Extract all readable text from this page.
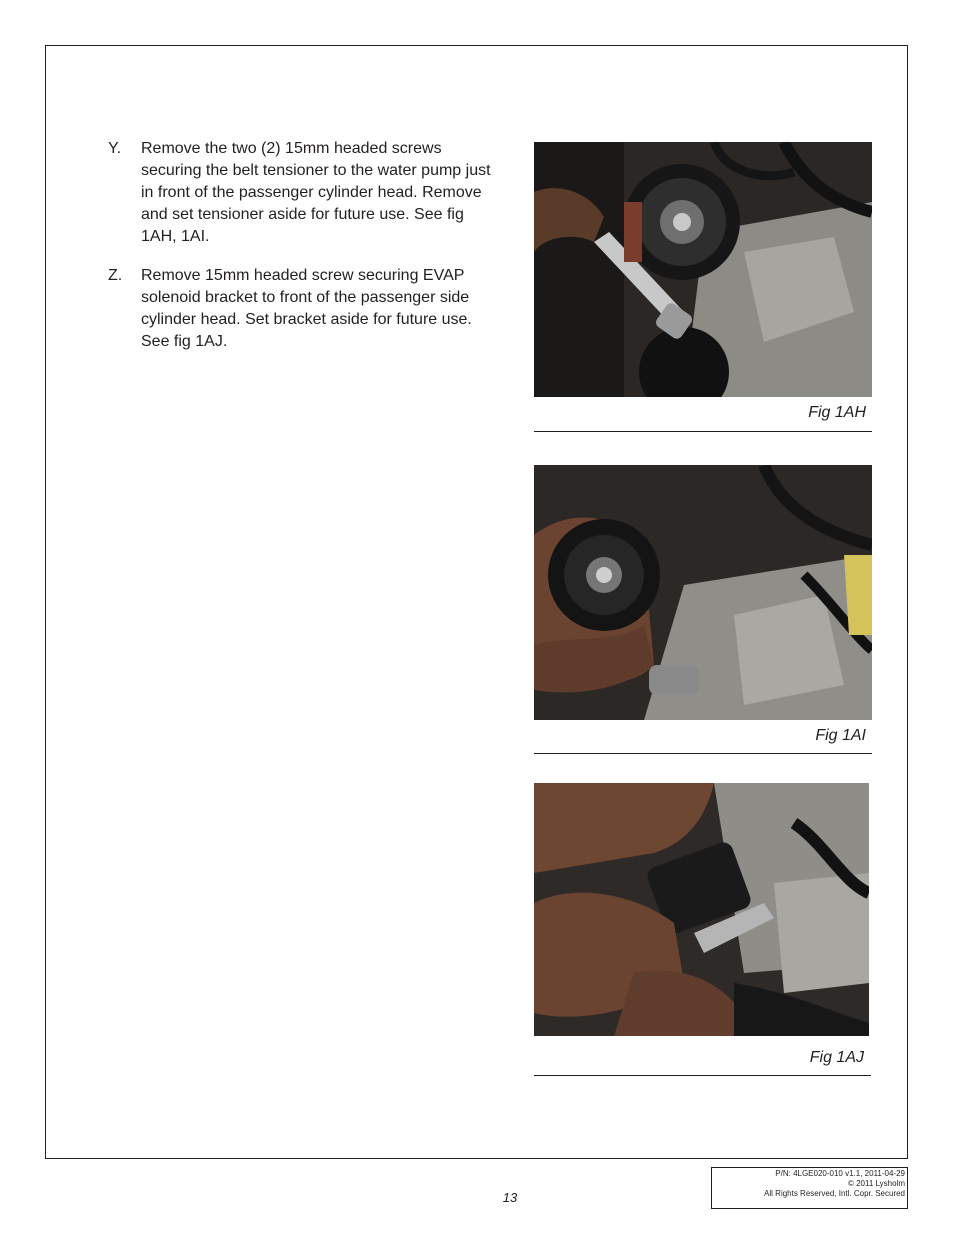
Y. Remove the two (2) 15mm headed screws securing the belt tensioner to the water pump just in front of the passenger cylinder head. Remove and set tensioner aside for future use. See fig 1AH, 1AI.
Z. Remove 15mm headed screw securing EVAP solenoid bracket to front of the passenger side cylinder head. Set bracket aside for future use. See fig 1AJ.
Fig 1AH
Fig 1AI
Fig 1AJ
13
P/N: 4LGE020-010 v1.1, 2011-04-29
© 2011 Lysholm
All Rights Reserved, Intl. Copr. Secured
